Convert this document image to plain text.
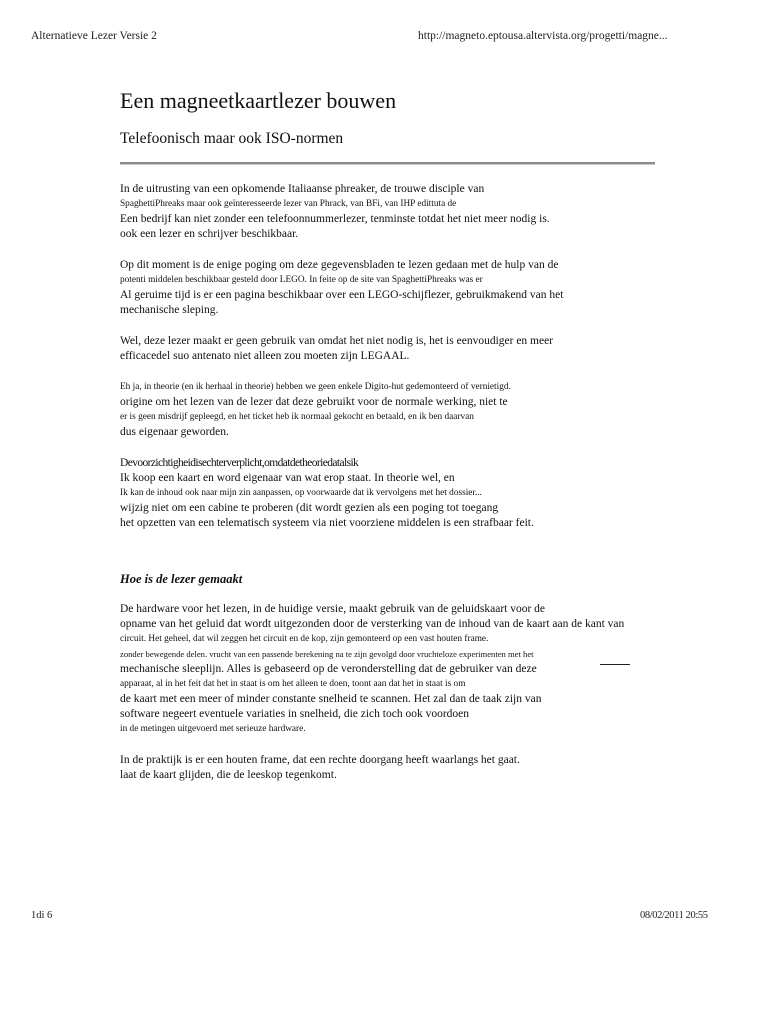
Alternatieve Lezer Versie 2	http://magneto.eptousa.altervista.org/progetti/magne...
Een magneetkaartlezer bouwen
Telefoonisch maar ook ISO-normen
In de uitrusting van een opkomende Italiaanse phreaker, de trouwe disciple van
SpaghettiPhreaks maar ook geïnteresseerde lezer van Phrack, van BFi, van IHP edittuta de
Een bedrijf kan niet zonder een telefoonnummerlezer, tenminste totdat het niet meer nodig is.
ook een lezer en schrijver beschikbaar.
Op dit moment is de enige poging om deze gegevensbladen te lezen gedaan met de hulp van de
potenti middelen beschikbaar gesteld door LEGO. In feite op de site van SpaghettiPhreaks was er
Al geruime tijd is er een pagina beschikbaar over een LEGO-schijflezer, gebruikmakend van het
mechanische sleping.
Wel, deze lezer maakt er geen gebruik van omdat het niet nodig is, het is eenvoudiger en meer
efficacedel suo antenato niet alleen zou moeten zijn LEGAAL.
Eh ja, in theorie (en ik herhaal in theorie) hebben we geen enkele Digito-hut gedemonteerd of vernietigd.
origine om het lezen van de lezer dat deze gebruikt voor de normale werking, niet te
er is geen misdrijf gepleegd, en het ticket heb ik normaal gekocht en betaald, en ik ben daarvan
dus eigenaar geworden.
Devoorzichtigheidisechterverplicht,omdatdetheoriedatalsik
Ik koop een kaart en word eigenaar van wat erop staat. In theorie wel, en
Ik kan de inhoud ook naar mijn zin aanpassen, op voorwaarde dat ik vervolgens met het dossier...
wijzig niet om een cabine te proberen (dit wordt gezien als een poging tot toegang
het opzetten van een telematisch systeem via niet voorziene middelen is een strafbaar feit.
Hoe is de lezer gemaakt
De hardware voor het lezen, in de huidige versie, maakt gebruik van de geluidskaart voor de
opname van het geluid dat wordt uitgezonden door de versterking van de inhoud van de kaart aan de kant van
circuit. Het geheel, dat wil zeggen het circuit en de kop, zijn gemonteerd op een vast houten frame.
zonder bewegende delen. vrucht van een passende berekening na te zijn gevolgd door vruchteloze experimenten met het
mechanische sleeplijn. Alles is gebaseerd op de veronderstelling dat de gebruiker van deze
apparaat, al in het feit dat het in staat is om het alleen te doen, toont aan dat het in staat is om
de kaart met een meer of minder constante snelheid te scannen. Het zal dan de taak zijn van
software negeert eventuele variaties in snelheid, die zich toch ook voordoen
in de metingen uitgevoerd met serieuze hardware.
In de praktijk is er een houten frame, dat een rechte doorgang heeft waarlangs het gaat.
laat de kaart glijden, die de leeskop tegenkomt.
1di 6	08/02/2011 20:55
